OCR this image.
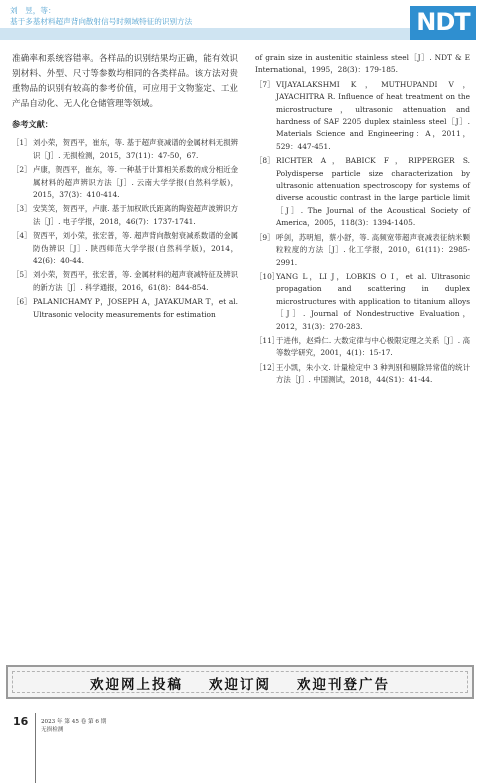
刘　昱，等：
基于多基材料超声背向散射信号时频域特征的识别方法	NDT

准确率和系统容错率。各样品的识别结果均正确，能有效识别材料、外型、尺寸等参数均相同的各类样品。该方法对贵重物品的识别有较高的参考价值，可应用于文物鉴定、工业产品自动化、无人化仓储管理等领域。

参考文献：
［1］ 刘小荣，贺西平，崔东，等. 基于超声衰减谱的金属材料无损辨识［J］. 无损检测，2015，37(11)：47-50，67.
［2］ 卢康，贺西平，崔东，等. 一种基于计算相关系数的成分相近金属材料的超声辨识方法［J］. 云南大学学报(自然科学版)，2015，37(3)：410-414.
［3］ 安笑笑，贺西平，卢康. 基于加权欧氏距离的陶瓷超声波辨识方法［J］. 电子学报，2018，46(7)：1737-1741.
［4］ 贺西平，刘小荣，张宏普，等. 超声背向散射衰减系数谱的金属防伪辨识［J］. 陕西师范大学学报(自然科学版)，2014，42(6)：40-44.
［5］ 刘小荣，贺西平，张宏普，等. 金属材料的超声衰减特征及辨识的新方法［J］. 科学通报，2016，61(8)：844-854.
［6］ PALANICHAMY P，JOSEPH A，JAYAKUMAR T，et al. Ultrasonic velocity measurements for estimation
of grain size in austenitic stainless steel［J］. NDT & E International，1995，28(3)：179-185.
［7］ VIJAYALAKSHMI K，MUTHUPANDI V，JAYACHITRA R. Influence of heat treatment on the microstructure，ultrasonic attenuation and hardness of SAF 2205 duplex stainless steel［J］. Materials Science and Engineering：A，2011，529：447-451.
［8］ RICHTER A，BABICK F，RIPPERGER S. Polydisperse particle size characterization by ultrasonic attenuation spectroscopy for systems of diverse acoustic contrast in the large particle limit［J］. The Journal of the Acoustical Society of America，2005，118(3)：1394-1405.
［9］ 呼剑，苏明旭，蔡小舒，等. 高频宽带超声衰减表征纳米颗粒粒度的方法［J］. 化工学报，2010，61(11)：2985-2991.
［10］
YANG L，LI J，LOBKIS O I，et al. Ultrasonic propagation and scattering in duplex microstructures with application to titanium alloys［J］. Journal of Nondestructive Evaluation，2012，31(3)：270-283.
［11］
于进伟，赵舜仁. 大数定律与中心极限定理之关系［J］. 高等数学研究，2001，4(1)：15-17.
［12］
王小凯，朱小文. 计量检定中 3 种判别和剔除异常值的统计方法［J］. 中国测试，2018，44(S1)：41-44.
欢迎网上投稿 欢迎订阅 欢迎刊登广告
16 2023 年 第 45 卷 第 6 期
无损检测
